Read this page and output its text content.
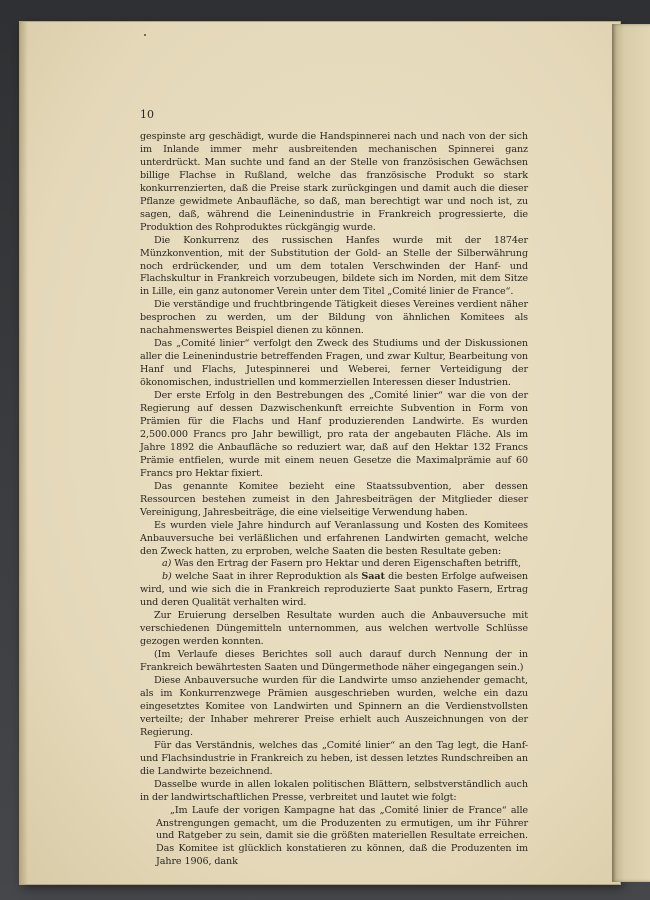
10

gespinste arg geschädigt, wurde die Handspinnerei nach und nach von der sich im Inlande immer mehr ausbreitenden mechanischen Spinnerei ganz unterdrückt. Man suchte und fand an der Stelle von französischen Gewächsen billige Flachse in Rußland, welche das französische Produkt so stark konkurrenzierten, daß die Preise stark zurückgingen und damit auch die dieser Pflanze gewidmete Anbaufläche, so daß, man berechtigt war und noch ist, zu sagen, daß, während die Leinenindustrie in Frankreich progressierte, die Produktion des Rohproduktes rückgängig wurde.

Die Konkurrenz des russischen Hanfes wurde mit der 1874er Münzkonvention, mit der Substitution der Gold- an Stelle der Silberwährung noch erdrückender, und um dem totalen Verschwinden der Hanf- und Flachskultur in Frankreich vorzubeugen, bildete sich im Norden, mit dem Sitze in Lille, ein ganz autonomer Verein unter dem Titel „Comité linier de France“.

Die verständige und fruchtbringende Tätigkeit dieses Vereines verdient näher besprochen zu werden, um der Bildung von ähnlichen Komitees als nachahmenswertes Beispiel dienen zu können.

Das „Comité linier“ verfolgt den Zweck des Studiums und der Diskussionen aller die Leinenindustrie betreffenden Fragen, und zwar Kultur, Bearbeitung von Hanf und Flachs, Jutespinnerei und Weberei, ferner Verteidigung der ökonomischen, industriellen und kommerziellen Interessen dieser Industrien.

Der erste Erfolg in den Bestrebungen des „Comité linier“ war die von der Regierung auf dessen Dazwischenkunft erreichte Subvention in Form von Prämien für die Flachs und Hanf produzierenden Landwirte. Es wurden 2,500.000 Francs pro Jahr bewilligt, pro rata der angebauten Fläche. Als im Jahre 1892 die Anbaufläche so reduziert war, daß auf den Hektar 132 Francs Prämie entfielen, wurde mit einem neuen Gesetze die Maximalprämie auf 60 Francs pro Hektar fixiert.

Das genannte Komitee bezieht eine Staatssubvention, aber dessen Ressourcen bestehen zumeist in den Jahresbeiträgen der Mitglieder dieser Vereinigung, Jahresbeiträge, die eine vielseitige Verwendung haben.

Es wurden viele Jahre hindurch auf Veranlassung und Kosten des Komitees Anbauversuche bei verläßlichen und erfahrenen Landwirten gemacht, welche den Zweck hatten, zu erproben, welche Saaten die besten Resultate geben:

a) Was den Ertrag der Fasern pro Hektar und deren Eigenschaften betrifft,

b) welche Saat in ihrer Reproduktion als Saat die besten Erfolge aufweisen wird, und wie sich die in Frankreich reproduzierte Saat punkto Fasern, Ertrag und deren Qualität verhalten wird.

Zur Eruierung derselben Resultate wurden auch die Anbauversuche mit verschiedenen Düngemitteln unternommen, aus welchen wertvolle Schlüsse gezogen werden konnten.

(Im Verlaufe dieses Berichtes soll auch darauf durch Nennung der in Frankreich bewährtesten Saaten und Düngermethode näher eingegangen sein.)

Diese Anbauversuche wurden für die Landwirte umso anziehender gemacht, als im Konkurrenzwege Prämien ausgeschrieben wurden, welche ein dazu eingesetztes Komitee von Landwirten und Spinnern an die Verdienstvollsten verteilte; der Inhaber mehrerer Preise erhielt auch Auszeichnungen von der Regierung.

Für das Verständnis, welches das „Comité linier“ an den Tag legt, die Hanf- und Flachsindustrie in Frankreich zu heben, ist dessen letztes Rundschreiben an die Landwirte bezeichnend.

Dasselbe wurde in allen lokalen politischen Blättern, selbstverständlich auch in der landwirtschaftlichen Presse, verbreitet und lautet wie folgt:

„Im Laufe der vorigen Kampagne hat das „Comité linier de France“ alle Anstrengungen gemacht, um die Produzenten zu ermutigen, um ihr Führer und Ratgeber zu sein, damit sie die größten materiellen Resultate erreichen. Das Komitee ist glücklich konstatieren zu können, daß die Produzenten im Jahre 1906, dank
